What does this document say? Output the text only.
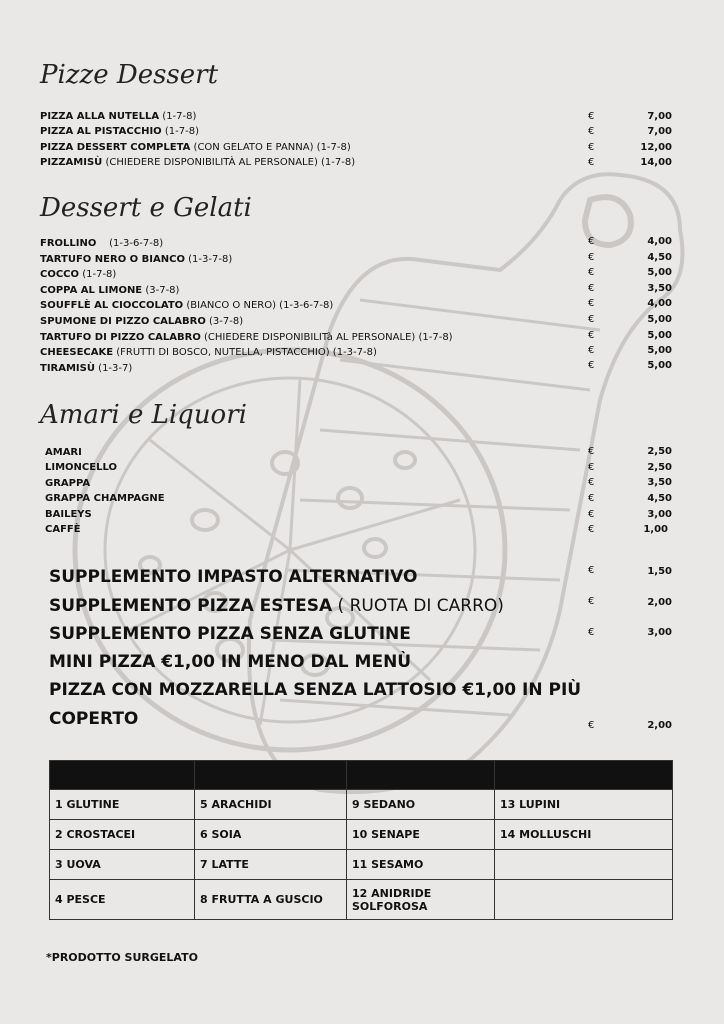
Pizze Dessert
PIZZA ALLA NUTELLA (1-7-8)	€	7,00
PIZZA AL PISTACCHIO (1-7-8)	€	7,00
PIZZA DESSERT COMPLETA (CON GELATO E PANNA) (1-7-8)	€	12,00
PIZZAMISÙ (CHIEDERE DISPONIBILITÀ AL PERSONALE) (1-7-8)	€	14,00
Dessert e Gelati
FROLLINO    (1-3-6-7-8)	€	4,00
TARTUFO NERO O BIANCO (1-3-7-8)	€	4,50
COCCO (1-7-8)	€	5,00
COPPA AL LIMONE (3-7-8)	€	3,50
SOUFFLÈ AL CIOCCOLATO (BIANCO O NERO) (1-3-6-7-8)	€	4,00
SPUMONE DI PIZZO CALABRO (3-7-8)	€	5,00
TARTUFO DI PIZZO CALABRO (CHIEDERE DISPONIBILITà AL PERSONALE) (1-7-8)	€	5,00
CHEESECAKE (FRUTTI DI BOSCO, NUTELLA, PISTACCHIO) (1-3-7-8)	€	5,00
TIRAMISÙ (1-3-7)	€	5,00
Amari e Liquori
AMARI	€	2,50
LIMONCELLO	€	2,50
GRAPPA	€	3,50
GRAPPA CHAMPAGNE	€	4,50
BAILEYS	€	3,00
CAFFÈ	€	1,00
SUPPLEMENTO IMPASTO ALTERNATIVO	€	1,50
SUPPLEMENTO PIZZA ESTESA ( RUOTA DI CARRO)	€	2,00
SUPPLEMENTO PIZZA SENZA GLUTINE	€	3,00
MINI PIZZA €1,00 IN MENO DAL MENÙ
PIZZA CON MOZZARELLA SENZA LATTOSIO €1,00 IN PIÙ
COPERTO	€	2,00

1 GLUTINE	5 ARACHIDI	9 SEDANO	13 LUPINI
2 CROSTACEI	6 SOIA	10 SENAPE	14 MOLLUSCHI
3 UOVA	7 LATTE	11 SESAMO	
4 PESCE	8 FRUTTA A GUSCIO	12 ANIDRIDE SOLFOROSA	
*PRODOTTO SURGELATO
